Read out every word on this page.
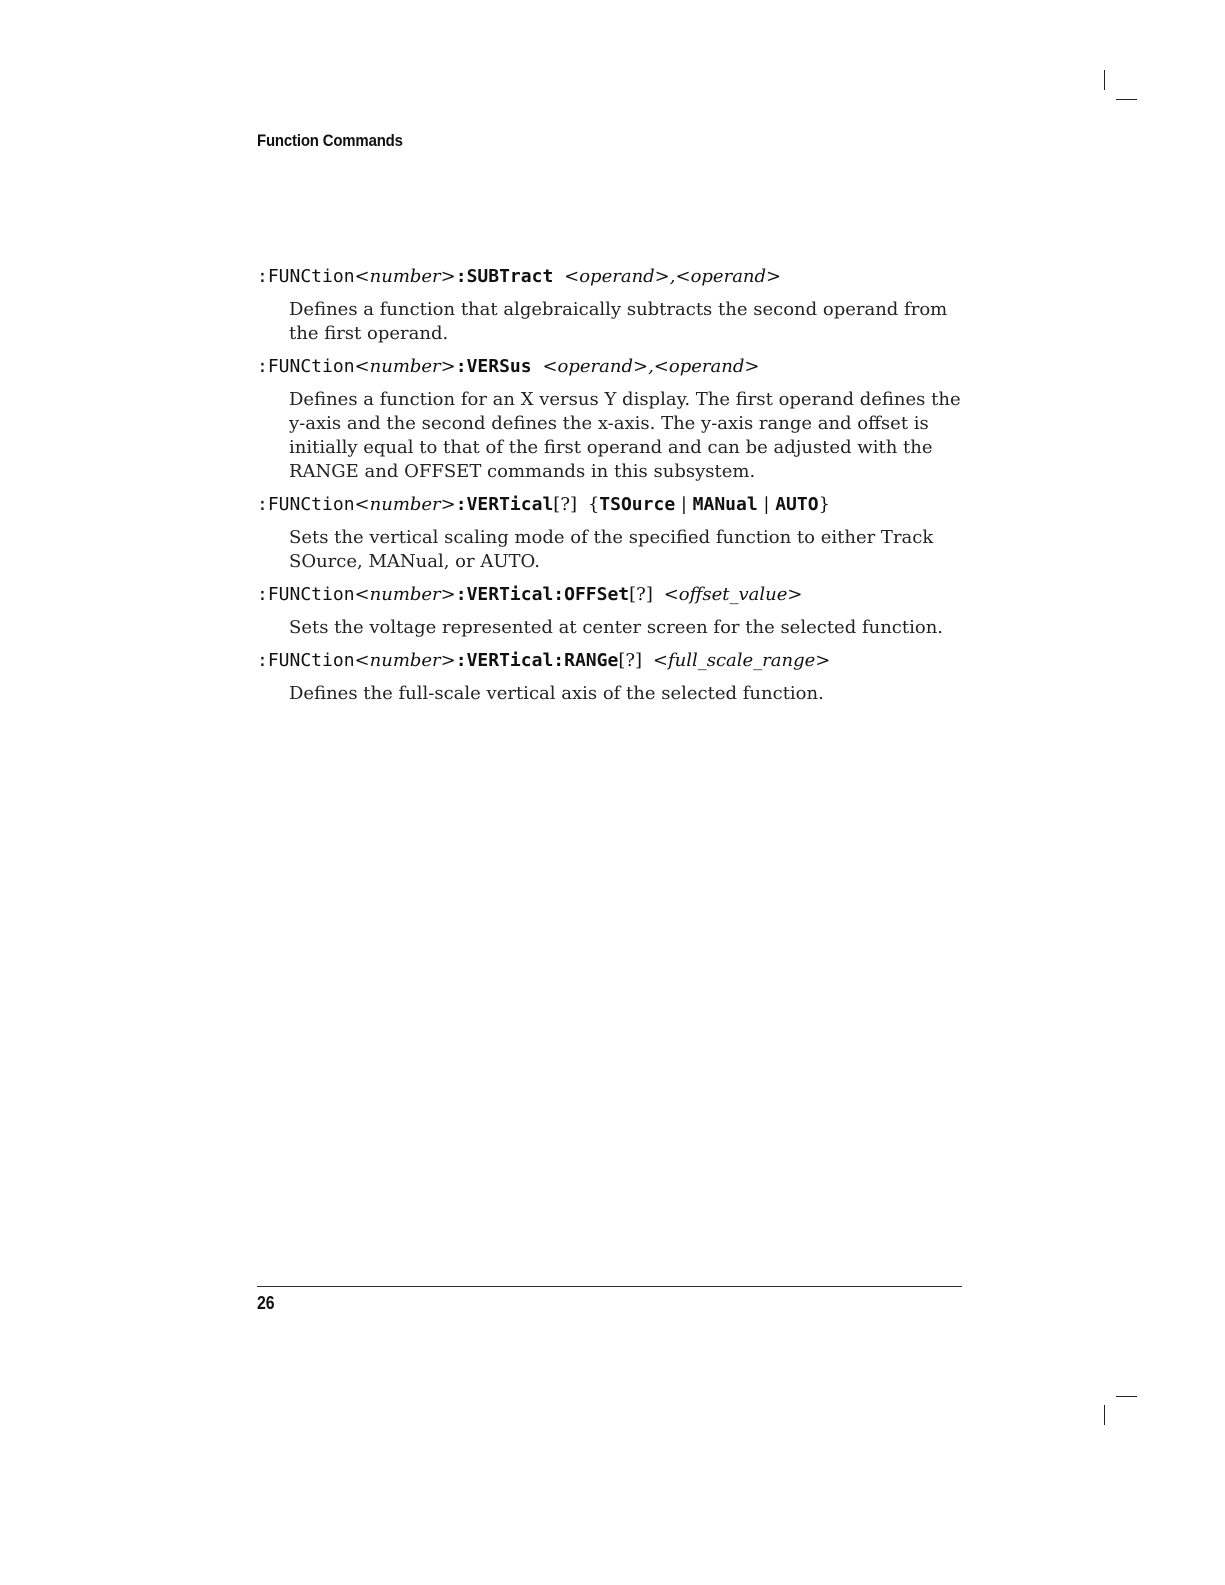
Function Commands

:FUNCtion<number>:SUBTract <operand>,<operand>

Defines a function that algebraically subtracts the second operand from
the first operand.

:FUNCtion<number>:VERSus <operand>,<operand>

Defines a function for an X versus Y display. The first operand defines the
y-axis and the second defines the x-axis. The y-axis range and offset is
initially equal to that of the first operand and can be adjusted with the
RANGE and OFFSET commands in this subsystem.

:FUNCtion<number>:VERTical[?] {TSOurce | MANual | AUTO}

Sets the vertical scaling mode of the specified function to either Track
SOurce, MANual, or AUTO.

:FUNCtion<number>:VERTical:OFFSet[?] <offset_value>

Sets the voltage represented at center screen for the selected function.

:FUNCtion<number>:VERTical:RANGe[?] <full_scale_range>

Defines the full-scale vertical axis of the selected function.
26
